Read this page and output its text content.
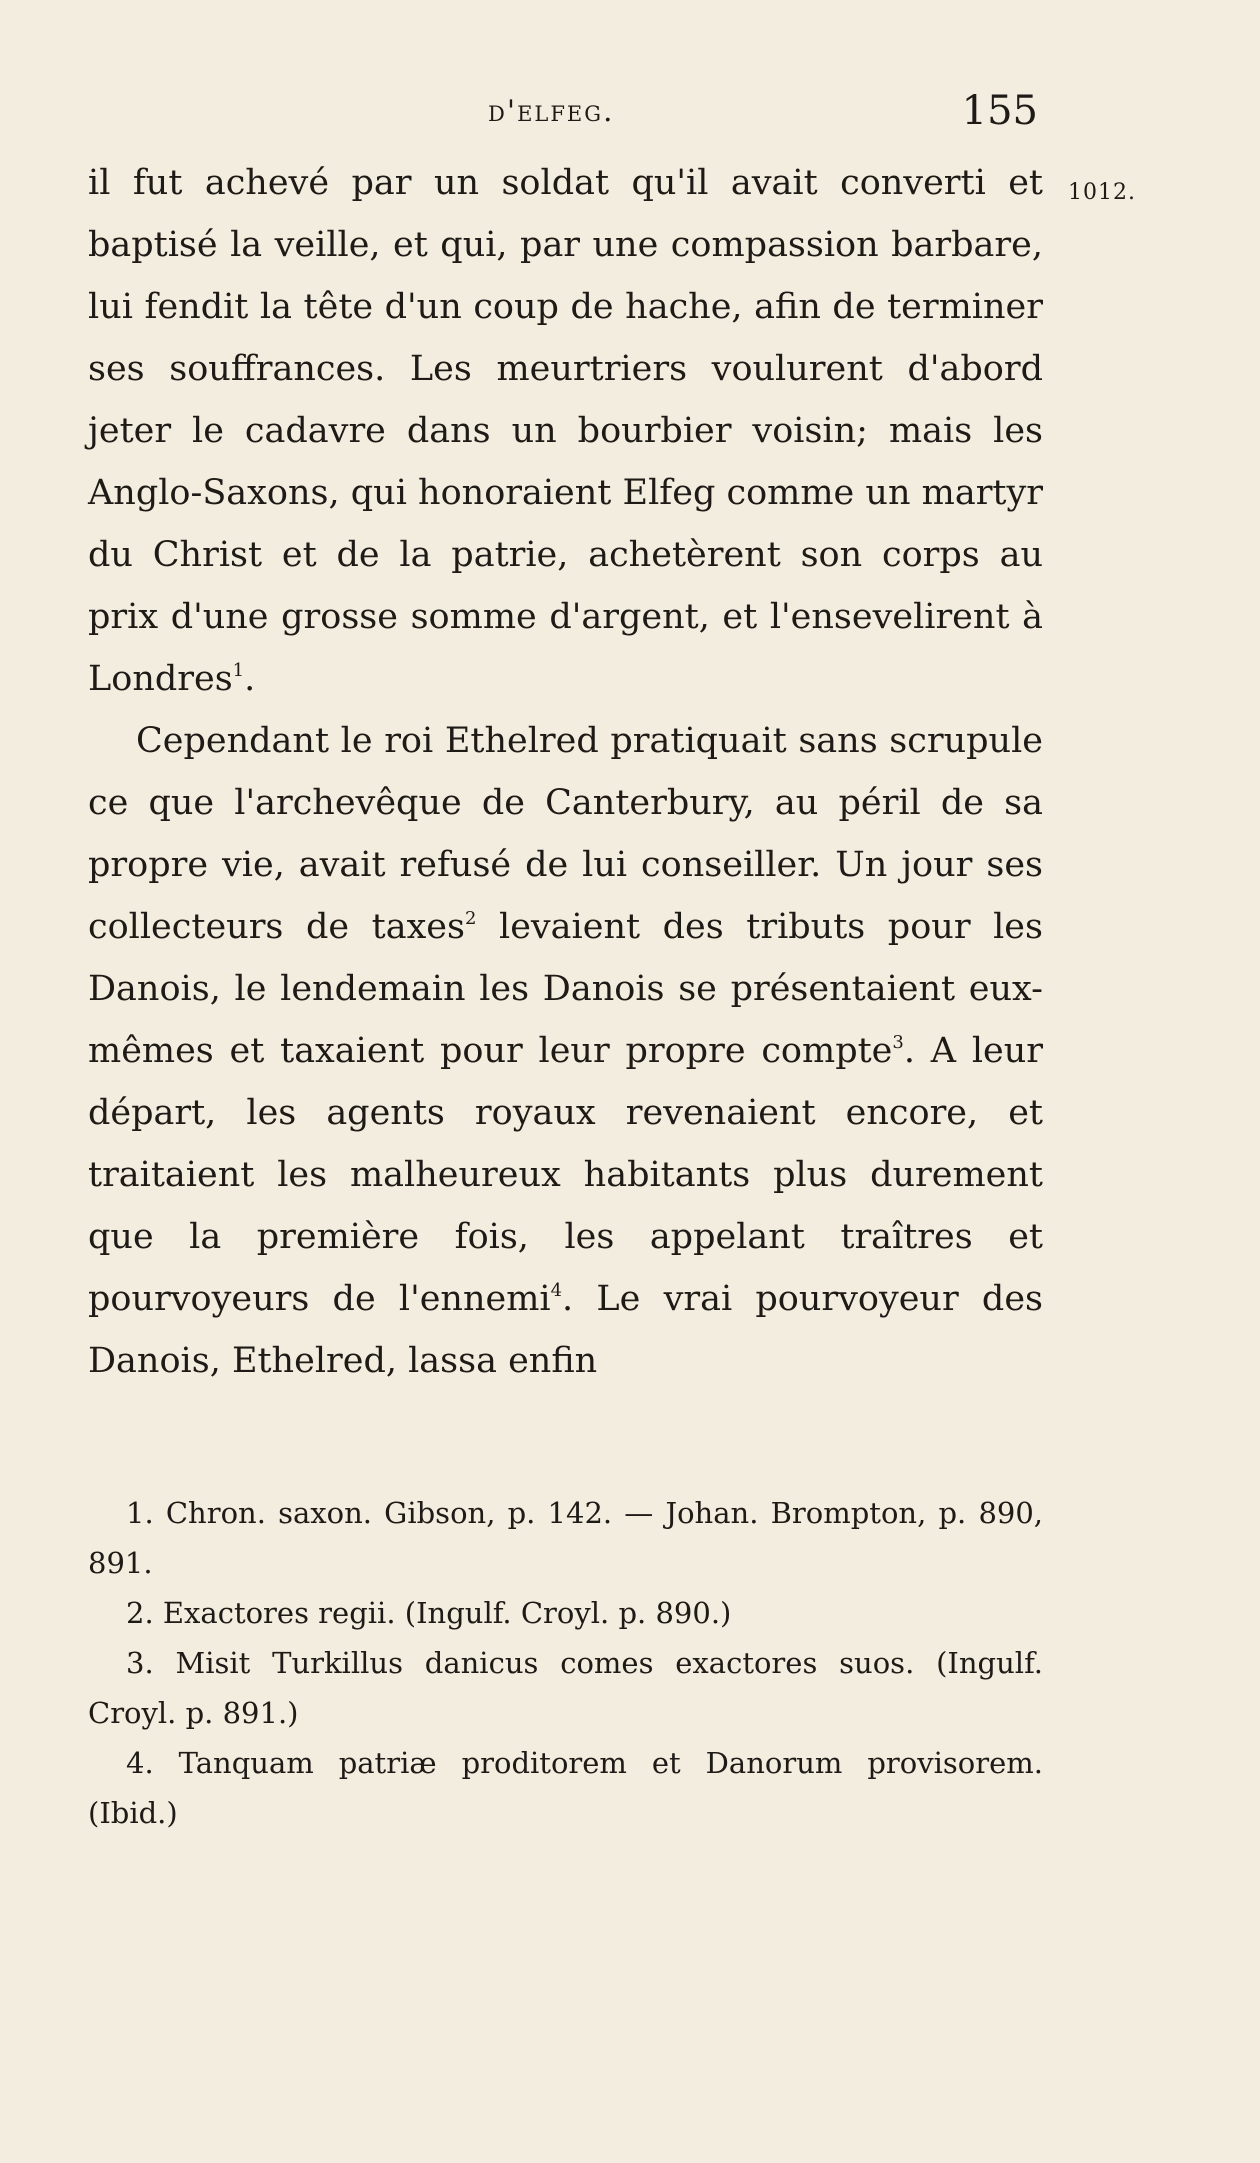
d'elfeg.	155
1012.

il fut achevé par un soldat qu'il avait converti et baptisé la veille, et qui, par une compassion barbare, lui fendit la tête d'un coup de hache, afin de terminer ses souffrances. Les meurtriers voulurent d'abord jeter le cadavre dans un bourbier voisin; mais les Anglo-Saxons, qui honoraient Elfeg comme un martyr du Christ et de la patrie, achetèrent son corps au prix d'une grosse somme d'argent, et l'ensevelirent à Londres$^1$.

Cependant le roi Ethelred pratiquait sans scrupule ce que l'archevêque de Canterbury, au péril de sa propre vie, avait refusé de lui conseiller. Un jour ses collecteurs de taxes$^2$ levaient des tributs pour les Danois, le lendemain les Danois se présentaient eux-mêmes et taxaient pour leur propre compte$^3$. A leur départ, les agents royaux revenaient encore, et traitaient les malheureux habitants plus durement que la première fois, les appelant traîtres et pourvoyeurs de l'ennemi$^4$. Le vrai pourvoyeur des Danois, Ethelred, lassa enfin

1. Chron. saxon. Gibson, p. 142. — Johan. Brompton, p. 890, 891.

2. Exactores regii. (Ingulf. Croyl. p. 890.)

3. Misit Turkillus danicus comes exactores suos. (Ingulf. Croyl. p. 891.)

4. Tanquam patriæ proditorem et Danorum provisorem. (Ibid.)
